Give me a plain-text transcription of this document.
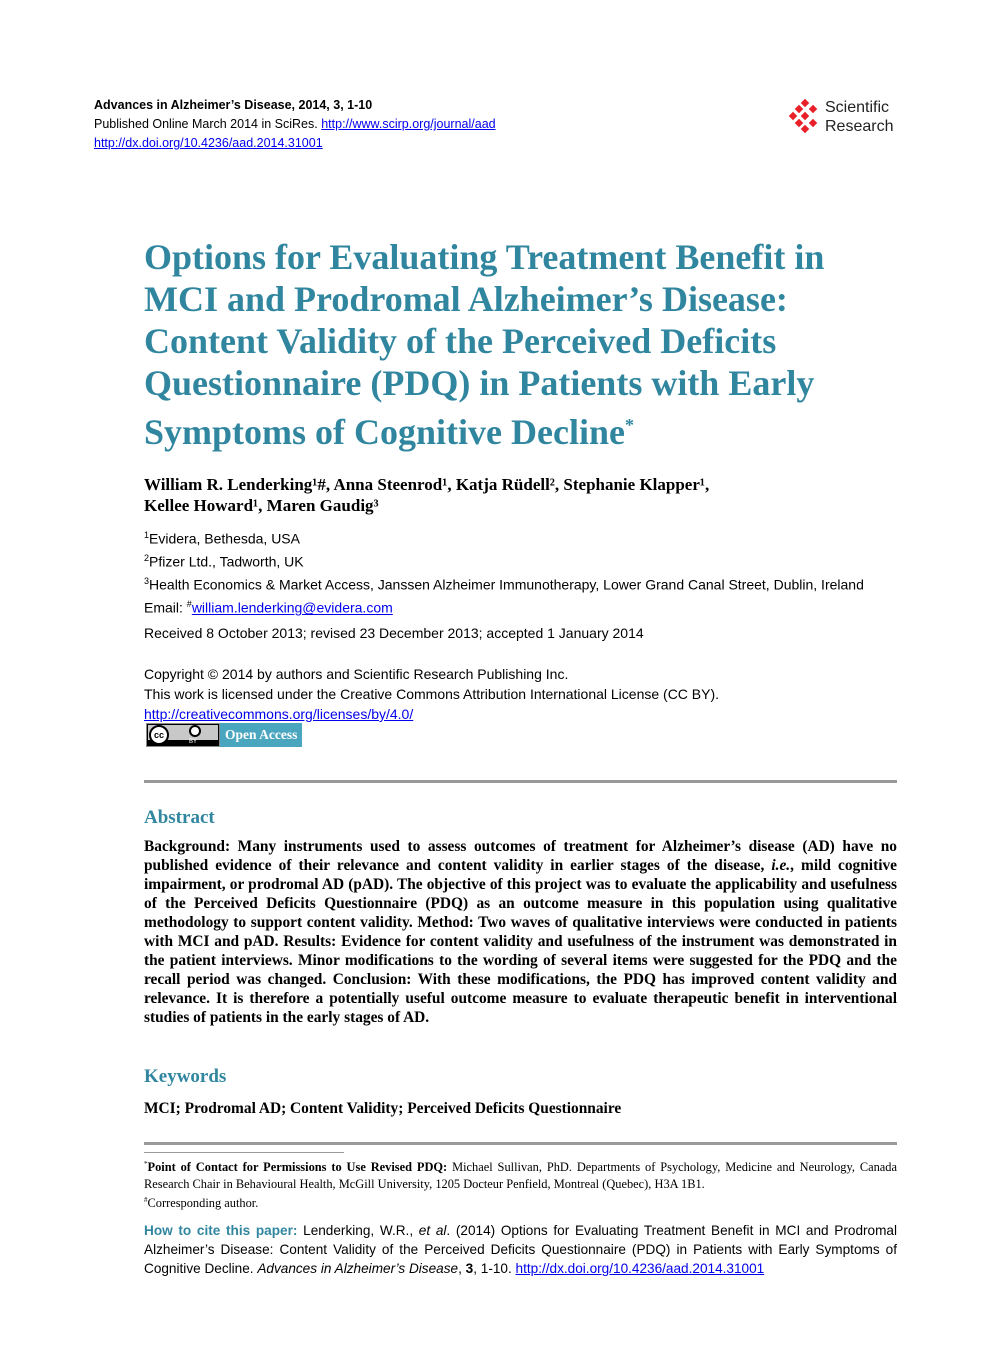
Advances in Alzheimer’s Disease, 2014, 3, 1-10
Published Online March 2014 in SciRes. http://www.scirp.org/journal/aad
http://dx.doi.org/10.4236/aad.2014.31001
Scientific
Research
Options for Evaluating Treatment Benefit in
MCI and Prodromal Alzheimer’s Disease:
Content Validity of the Perceived Deficits
Questionnaire (PDQ) in Patients with Early
Symptoms of Cognitive Decline*
William R. Lenderking¹#, Anna Steenrod¹, Katja Rüdell², Stephanie Klapper¹,
Kellee Howard¹, Maren Gaudig³
$^1$Evidera, Bethesda, USA
$^2$Pfizer Ltd., Tadworth, UK
$^3$Health Economics & Market Access, Janssen Alzheimer Immunotherapy, Lower Grand Canal Street, Dublin, Ireland
Email: #william.lenderking@evidera.com
Received 8 October 2013; revised 23 December 2013; accepted 1 January 2014
Copyright © 2014 by authors and Scientific Research Publishing Inc.
This work is licensed under the Creative Commons Attribution International License (CC BY).
http://creativecommons.org/licenses/by/4.0/
cc
BY	Open Access
Abstract
Background: Many instruments used to assess outcomes of treatment for Alzheimer’s disease (AD) have no published evidence of their relevance and content validity in earlier stages of the disease, i.e., mild cognitive impairment, or prodromal AD (pAD). The objective of this project was to evaluate the applicability and usefulness of the Perceived Deficits Questionnaire (PDQ) as an outcome measure in this population using qualitative methodology to support content validity. Method: Two waves of qualitative interviews were conducted in patients with MCI and pAD. Results: Evidence for content validity and usefulness of the instrument was demonstrated in the patient interviews. Minor modifications to the wording of several items were suggested for the PDQ and the recall period was changed. Conclusion: With these modifications, the PDQ has improved content validity and relevance. It is therefore a potentially useful outcome measure to evaluate therapeutic benefit in interventional studies of patients in the early stages of AD.
Keywords
MCI; Prodromal AD; Content Validity; Perceived Deficits Questionnaire
*Point of Contact for Permissions to Use Revised PDQ: Michael Sullivan, PhD. Departments of Psychology, Medicine and Neurology, Canada Research Chair in Behavioural Health, McGill University, 1205 Docteur Penfield, Montreal (Quebec), H3A 1B1.
#Corresponding author.
How to cite this paper: Lenderking, W.R., et al. (2014) Options for Evaluating Treatment Benefit in MCI and Prodromal Alzheimer’s Disease: Content Validity of the Perceived Deficits Questionnaire (PDQ) in Patients with Early Symptoms of Cognitive Decline. Advances in Alzheimer’s Disease, 3, 1-10. http://dx.doi.org/10.4236/aad.2014.31001
